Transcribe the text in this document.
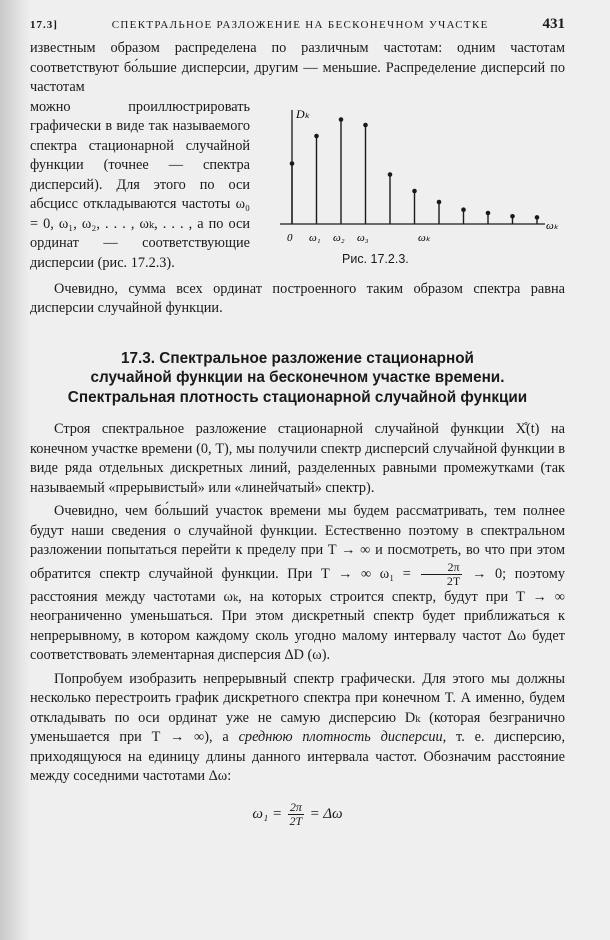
17.3]	СПЕКТРАЛЬНОЕ РАЗЛОЖЕНИЕ НА БЕСКОНЕЧНОМ УЧАСТКЕ	431

известным образом распределена по различным частотам: одним частотам соответствуют бо́льшие дисперсии, другим — меньшие. Распределение дисперсий по частотам

можно проиллюстрировать графически в виде так называемого спектра стационарной случайной функции (точнее — спектра дисперсий). Для этого по оси абсцисс откладываются частоты ω₀ = 0, ω₁, ω₂, . . . , ωₖ, . . . , а по оси ординат — соответствующие дисперсии (рис. 17.2.3).

Dₖ
ωₖ
0 ω₁ ω₂ ω₃	ωₖ
Рис. 17.2.3.

Очевидно, сумма всех ординат построенного таким образом спектра равна дисперсии случайной функции.

17.3. Спектральное разложение стационарной
случайной функции на бесконечном участке времени.
Спектральная плотность стационарной случайной функции

Строя спектральное разложение стационарной случайной функции X̊(t) на конечном участке времени (0, T), мы получили спектр дисперсий случайной функции в виде ряда отдельных дискретных линий, разделенных равными промежутками (так называемый «прерывистый» или «линейчатый» спектр).

Очевидно, чем бо́льший участок времени мы будем рассматривать, тем полнее будут наши сведения о случайной функции. Естественно поэтому в спектральном разложении попытаться перейти к пределу при T → ∞ и посмотреть, во что при этом обратится спектр случайной функции. При T → ∞ $\omega_1 = \frac{2\pi}{2T} \to 0$; поэтому расстояния между частотами ωₖ, на которых строится спектр, будут при T → ∞ неограниченно уменьшаться. При этом дискретный спектр будет приближаться к непрерывному, в котором каждому сколь угодно малому интервалу частот Δω будет соответствовать элементарная дисперсия ΔD (ω).

Попробуем изобразить непрерывный спектр графически. Для этого мы должны несколько перестроить график дискретного спектра при конечном T. А именно, будем откладывать по оси ординат уже не самую дисперсию Dₖ (которая безгранично уменьшается при T → ∞), а среднюю плотность дисперсии, т. е. дисперсию, приходящуюся на единицу длины данного интервала частот. Обозначим расстояние между соседними частотами Δω:

$\omega_1 = \frac{2\pi}{2T} = \Delta\omega$
